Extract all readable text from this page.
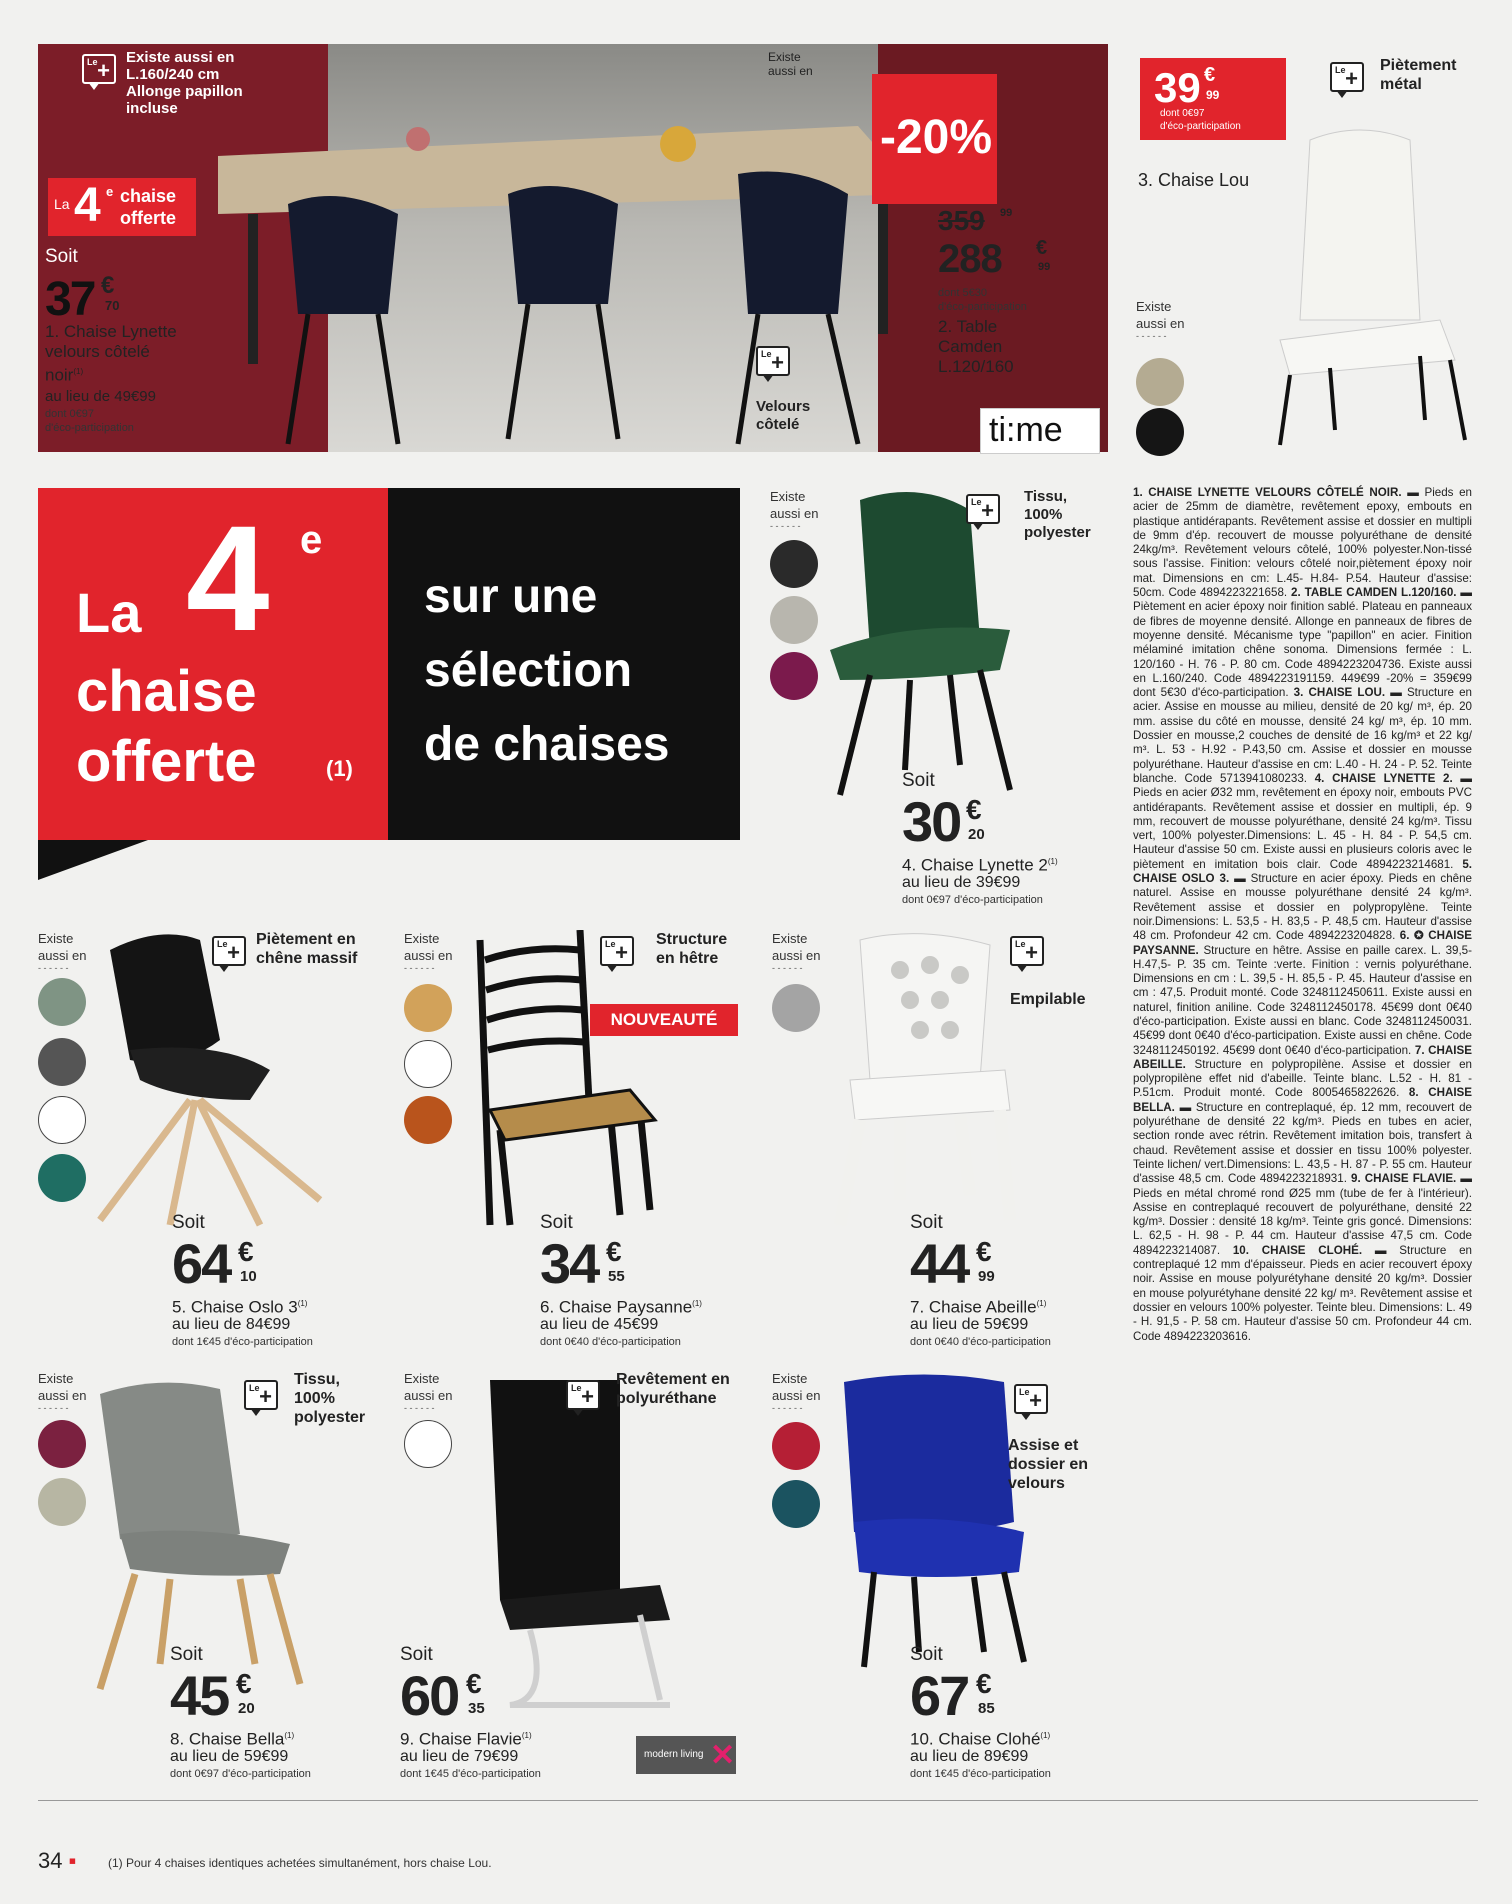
-20%
Le +
Existe aussi en
L.160/240 cm
Allonge papillon
incluse
Existe aussi en
La 4 e chaise
offerte
Soit
37 €
70
1. Chaise Lynette
velours côtelé
noir$^{(1)}$
au lieu de 49€99
dont 0€97
d'éco-participation
359 99
288 €
99
dont 5€30
d'éco-participation
2. Table
Camden
L.120/160
Le +
Velours
côtelé	ti:me
39 €
99
dont 0€97
d'éco-participation
Le +
Piètement
métal
3. Chaise Lou
Existe aussi en - - -
La 4 e
chaise
offerte	(1)
sur une
sélection
de chaises
Existe aussi en - - -
Le +
Tissu,
100%
polyester
Soit
30 €
20
4. Chaise Lynette 2$^{(1)}$
au lieu de 39€99
dont 0€97 d'éco-participation
Existe aussi en - - -
Le +
Piètement en
chêne massif
Soit
64 €
10
5. Chaise Oslo 3$^{(1)}$
au lieu de 84€99
dont 1€45 d'éco-participation
Existe aussi en - - -
Le +
Structure
en hêtre
NOUVEAUTÉ
Soit
34 €
55
6. Chaise Paysanne$^{(1)}$
au lieu de 45€99
dont 0€40 d'éco-participation
Existe aussi en - - -
Le +
Empilable
Soit
44 €
99
7. Chaise Abeille$^{(1)}$
au lieu de 59€99
dont 0€40 d'éco-participation
Existe aussi en - - -	Le +
Tissu,
100%
polyester
Soit
45 €
20
8. Chaise Bella$^{(1)}$
au lieu de 59€99
dont 0€97 d'éco-participation
Existe aussi en - - -	Le +
Revêtement en
polyuréthane
Soit
60 €
35
9. Chaise Flavie$^{(1)}$
au lieu de 79€99
dont 1€45 d'éco-participation
modern living ✕
Existe aussi en - - -	Le +
Assise et
dossier en
velours
Soit
67 €
85
10. Chaise Clohé$^{(1)}$
au lieu de 89€99
dont 1€45 d'éco-participation
1. CHAISE LYNETTE VELOURS CÔTELÉ NOIR. ▬ Pieds en acier de 25mm de diamètre, revêtement epoxy, embouts en plastique antidérapants. Revêtement assise et dossier en multipli de 9mm d'ép. recouvert de mousse polyuréthane de densité 24kg/m³. Revêtement velours côtelé, 100% polyester.Non-tissé sous l'assise. Finition: velours côtelé noir,piètement époxy noir mat. Dimensions en cm: L.45- H.84- P.54. Hauteur d'assise: 50cm. Code 4894223221658. 2. TABLE CAMDEN L.120/160. ▬ Piètement en acier époxy noir finition sablé. Plateau en panneaux de fibres de moyenne densité. Allonge en panneaux de fibres de moyenne densité. Mécanisme type "papillon" en acier. Finition mélaminé imitation chêne sonoma. Dimensions fermée : L. 120/160 - H. 76 - P. 80 cm. Code 4894223204736. Existe aussi en L.160/240. Code 4894223191159. 449€99 -20% = 359€99 dont 5€30 d'éco-participation. 3. CHAISE LOU. ▬ Structure en acier. Assise en mousse au milieu, densité de 20 kg/ m³, ép. 20 mm. assise du côté en mousse, densité 24 kg/ m³, ép. 10 mm. Dossier en mousse,2 couches de densité de 16 kg/m³ et 22 kg/ m³. L. 53 - H.92 - P.43,50 cm. Assise et dossier en mousse polyuréthane. Hauteur d'assise en cm: L.40 - H. 24 - P. 52. Teinte blanche. Code 5713941080233. 4. CHAISE LYNETTE 2. ▬ Pieds en acier Ø32 mm, revêtement en époxy noir, embouts PVC antidérapants. Revêtement assise et dossier en multipli, ép. 9 mm, recouvert de mousse polyuréthane, densité 24 kg/m³. Tissu vert, 100% polyester.Dimensions: L. 45 - H. 84 - P. 54,5 cm. Hauteur d'assise 50 cm. Existe aussi en plusieurs coloris avec le piètement en imitation bois clair. Code 4894223214681. 5. CHAISE OSLO 3. ▬ Structure en acier époxy. Pieds en chêne naturel. Assise en mousse polyuréthane densité 24 kg/m³. Revêtement assise et dossier en polypropylène. Teinte noir.Dimensions: L. 53,5 - H. 83,5 - P. 48,5 cm. Hauteur d'assise 48 cm. Profondeur 42 cm. Code 4894223204828. 6. ✪ CHAISE PAYSANNE. Structure en hêtre. Assise en paille carex. L. 39,5-H.47,5- P. 35 cm. Teinte :verte. Finition : vernis polyuréthane. Dimensions en cm : L. 39,5 - H. 85,5 - P. 45. Hauteur d'assise en cm : 47,5. Produit monté. Code 3248112450611. Existe aussi en naturel, finition aniline. Code 3248112450178. 45€99 dont 0€40 d'éco-participation. Existe aussi en blanc. Code 3248112450031. 45€99 dont 0€40 d'éco-participation. Existe aussi en chêne. Code 3248112450192. 45€99 dont 0€40 d'éco-participation. 7. CHAISE ABEILLE. Structure en polypropilène. Assise et dossier en polypropilène effet nid d'abeille. Teinte blanc. L.52 - H. 81 - P.51cm. Produit monté. Code 8005465822626. 8. CHAISE BELLA. ▬ Structure en contreplaqué, ép. 12 mm, recouvert de polyuréthane de densité 22 kg/m³. Pieds en tubes en acier, section ronde avec rétrin. Revêtement imitation bois, transfert à chaud. Revêtement assise et dossier en tissu 100% polyester. Teinte lichen/ vert.Dimensions: L. 43,5 - H. 87 - P. 55 cm. Hauteur d'assise 48,5 cm. Code 4894223218931. 9. CHAISE FLAVIE. ▬ Pieds en métal chromé rond Ø25 mm (tube de fer à l'intérieur). Assise en contreplaqué recouvert de polyuréthane, densité 22 kg/m³. Dossier : densité 18 kg/m³. Teinte gris goncé. Dimensions: L. 62,5 - H. 98 - P. 44 cm. Hauteur d'assise 47,5 cm. Code 4894223214087. 10. CHAISE CLOHÉ. ▬ Structure en contreplaqué 12 mm d'épaisseur. Pieds en acier recouvert époxy noir. Assise en mouse polyurétyhane densité 20 kg/m³. Dossier en mouse polyurétyhane densité 22 kg/ m³. Revêtement assise et dossier en velours 100% polyester. Teinte bleu. Dimensions: L. 49 - H. 91,5 - P. 58 cm. Hauteur d'assise 50 cm. Profondeur 44 cm. Code 4894223203616.
34 ▪	(1) Pour 4 chaises identiques achetées simultanément, hors chaise Lou.
